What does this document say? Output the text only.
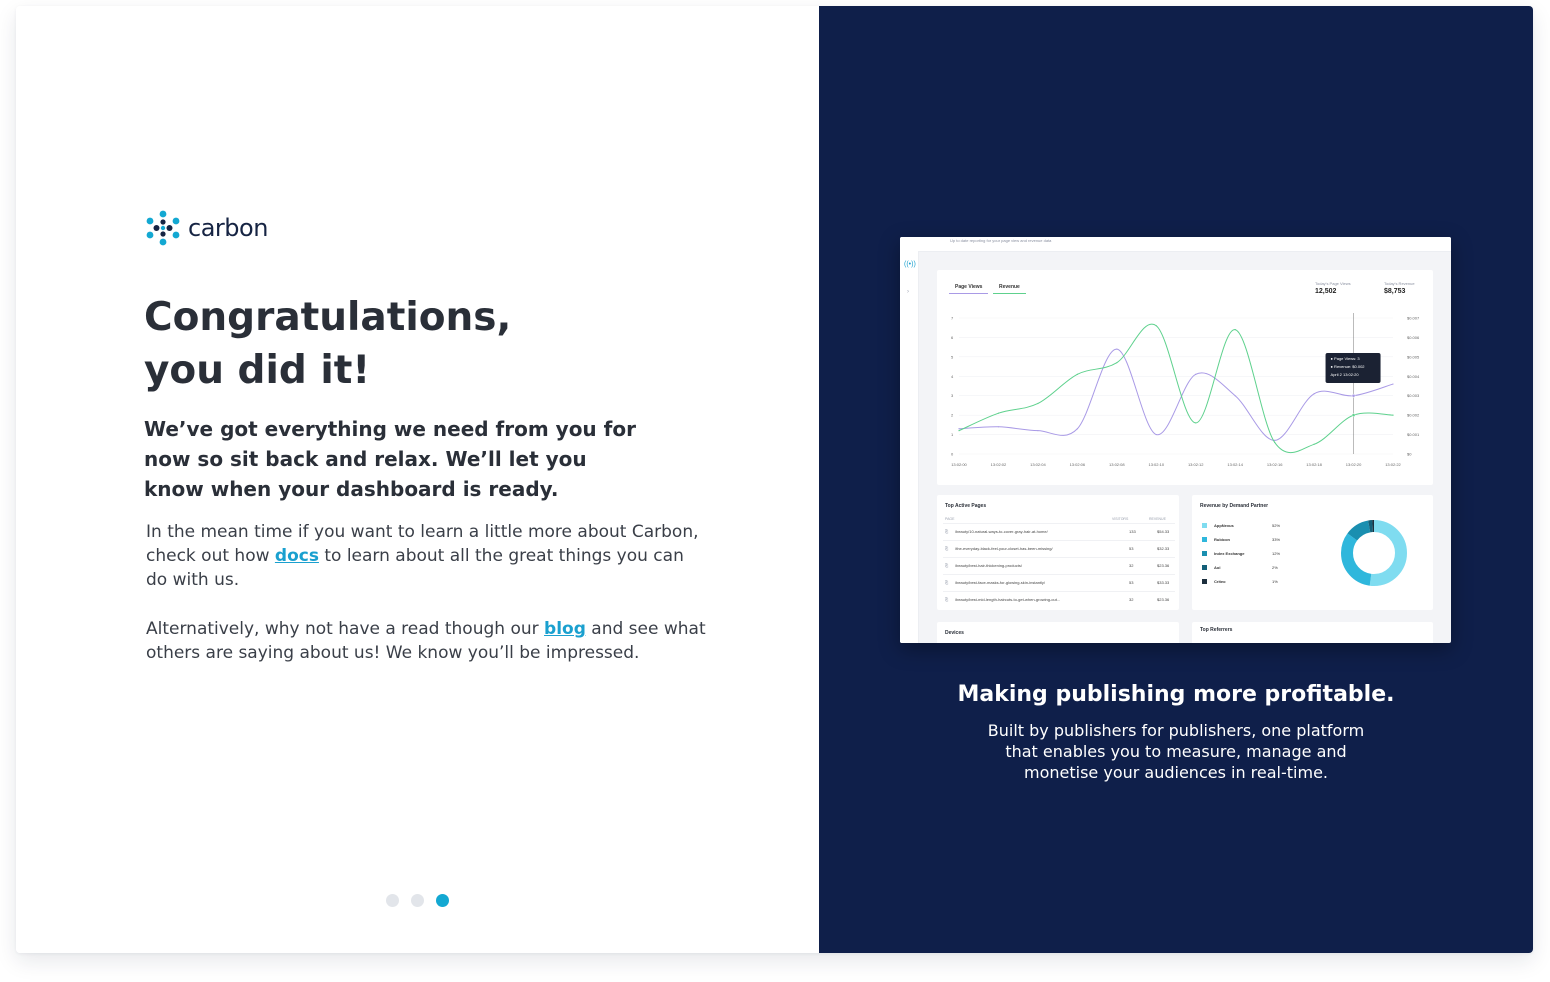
carbon
Congratulations,
you did it!
We’ve got everything we need from you for now so sit back and relax. We’ll let you know when your dashboard is ready.
In the mean time if you want to learn a little more about Carbon, check out how docs to learn about all the great things you can do with us.
Alternatively, why not have a read though our blog and see what others are saying about us! We know you’ll be impressed.
Up to date reporting for your page view and revenue data
((•))
›
Page Views	Revenue
Today's Page Views
12,502
Today's Revenue
$8,753
0
1
2
3
4
5
6
7
$0
$0.001
$0.002
$0.003
$0.004
$0.005
$0.006
$0.007
13:02:00	13:02:02	13:02:04	13:02:06	13:02:08	13:02:10	13:02:12	13:02:14	13:02:16	13:02:18	13:02:20	13:02:22
● Page Views: 3
● Revenue: $0.002
April 2 13:02:20
Top Active Pages
PAGE	VISITORS	REVENUE
⎘ /beauty/10-natural-ways-to-cover-gray-hair-at-home/	133	$54.33
⎘ /the-everyday-black-feel-your-closet-has-been-missing/	53	$32.33
⎘ /beauty/best-hair-thickening-products/	32	$23.36
⎘ /beauty/best-face-masks-for-glowing-skin-instantly/	53	$33.33
⎘ /beauty/best-mid-length-haircuts-to-get-when-growing-out...	32	$23.36
Revenue by Demand Partner
AppNexus	52%
Rubicon	33%
Index Exchange	12%
Aol	2%
Criteo	1%
Devices	Top Referrers
Making publishing more profitable.
Built by publishers for publishers, one platform that enables you to measure, manage and monetise your audiences in real-time.
